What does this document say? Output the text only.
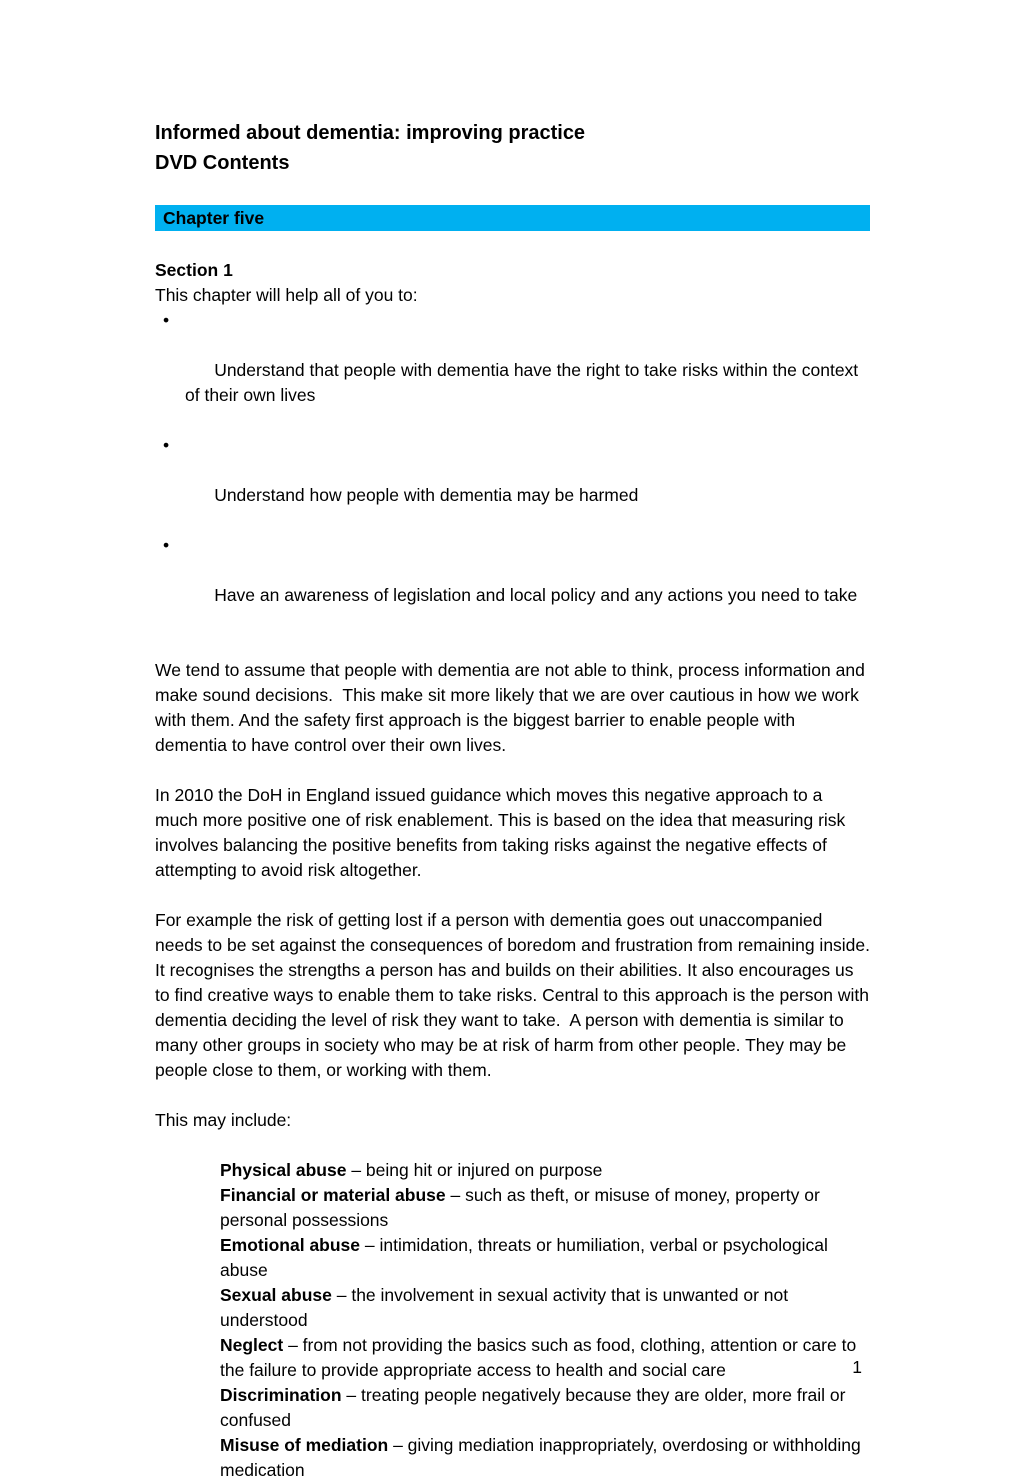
Informed about dementia: improving practice
DVD Contents
Chapter five

Section 1

This chapter will help all of you to:

•

Understand that people with dementia have the right to take risks within the context of their own lives

•

Understand how people with dementia may be harmed

•

Have an awareness of legislation and local policy and any actions you need to take

We tend to assume that people with dementia are not able to think, process information and make sound decisions.  This make sit more likely that we are over cautious in how we work with them. And the safety first approach is the biggest barrier to enable people with dementia to have control over their own lives.

In 2010 the DoH in England issued guidance which moves this negative approach to a much more positive one of risk enablement. This is based on the idea that measuring risk involves balancing the positive benefits from taking risks against the negative effects of attempting to avoid risk altogether.

For example the risk of getting lost if a person with dementia goes out unaccompanied needs to be set against the consequences of boredom and frustration from remaining inside.  It recognises the strengths a person has and builds on their abilities. It also encourages us to find creative ways to enable them to take risks. Central to this approach is the person with dementia deciding the level of risk they want to take.  A person with dementia is similar to many other groups in society who may be at risk of harm from other people. They may be people close to them, or working with them.

This may include:

Physical abuse – being hit or injured on purpose

Financial or material abuse – such as theft, or misuse of money, property or personal possessions

Emotional abuse – intimidation, threats or humiliation, verbal or psychological abuse

Sexual abuse – the involvement in sexual activity that is unwanted or not understood

Neglect – from not providing the basics such as food, clothing, attention or care to the failure to provide appropriate access to health and social care

Discrimination – treating people negatively because they are older, more frail or confused

Misuse of mediation – giving mediation inappropriately, overdosing or withholding medication

1
